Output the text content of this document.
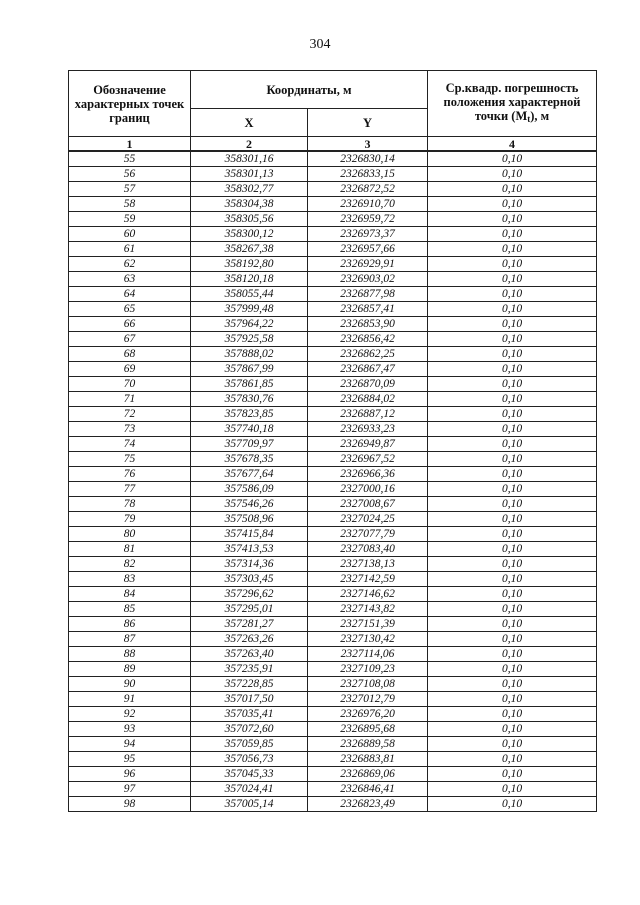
304
Обозначение характерных точек границ	Координаты, м		Ср.квадр. погрешность положения характерной точки $(M_t)$, м
	X	Y	
1	2	3	4
55	358301,16	2326830,14	0,10
56	358301,13	2326833,15	0,10
57	358302,77	2326872,52	0,10
58	358304,38	2326910,70	0,10
59	358305,56	2326959,72	0,10
60	358300,12	2326973,37	0,10
61	358267,38	2326957,66	0,10
62	358192,80	2326929,91	0,10
63	358120,18	2326903,02	0,10
64	358055,44	2326877,98	0,10
65	357999,48	2326857,41	0,10
66	357964,22	2326853,90	0,10
67	357925,58	2326856,42	0,10
68	357888,02	2326862,25	0,10
69	357867,99	2326867,47	0,10
70	357861,85	2326870,09	0,10
71	357830,76	2326884,02	0,10
72	357823,85	2326887,12	0,10
73	357740,18	2326933,23	0,10
74	357709,97	2326949,87	0,10
75	357678,35	2326967,52	0,10
76	357677,64	2326966,36	0,10
77	357586,09	2327000,16	0,10
78	357546,26	2327008,67	0,10
79	357508,96	2327024,25	0,10
80	357415,84	2327077,79	0,10
81	357413,53	2327083,40	0,10
82	357314,36	2327138,13	0,10
83	357303,45	2327142,59	0,10
84	357296,62	2327146,62	0,10
85	357295,01	2327143,82	0,10
86	357281,27	2327151,39	0,10
87	357263,26	2327130,42	0,10
88	357263,40	2327114,06	0,10
89	357235,91	2327109,23	0,10
90	357228,85	2327108,08	0,10
91	357017,50	2327012,79	0,10
92	357035,41	2326976,20	0,10
93	357072,60	2326895,68	0,10
94	357059,85	2326889,58	0,10
95	357056,73	2326883,81	0,10
96	357045,33	2326869,06	0,10
97	357024,41	2326846,41	0,10
98	357005,14	2326823,49	0,10
